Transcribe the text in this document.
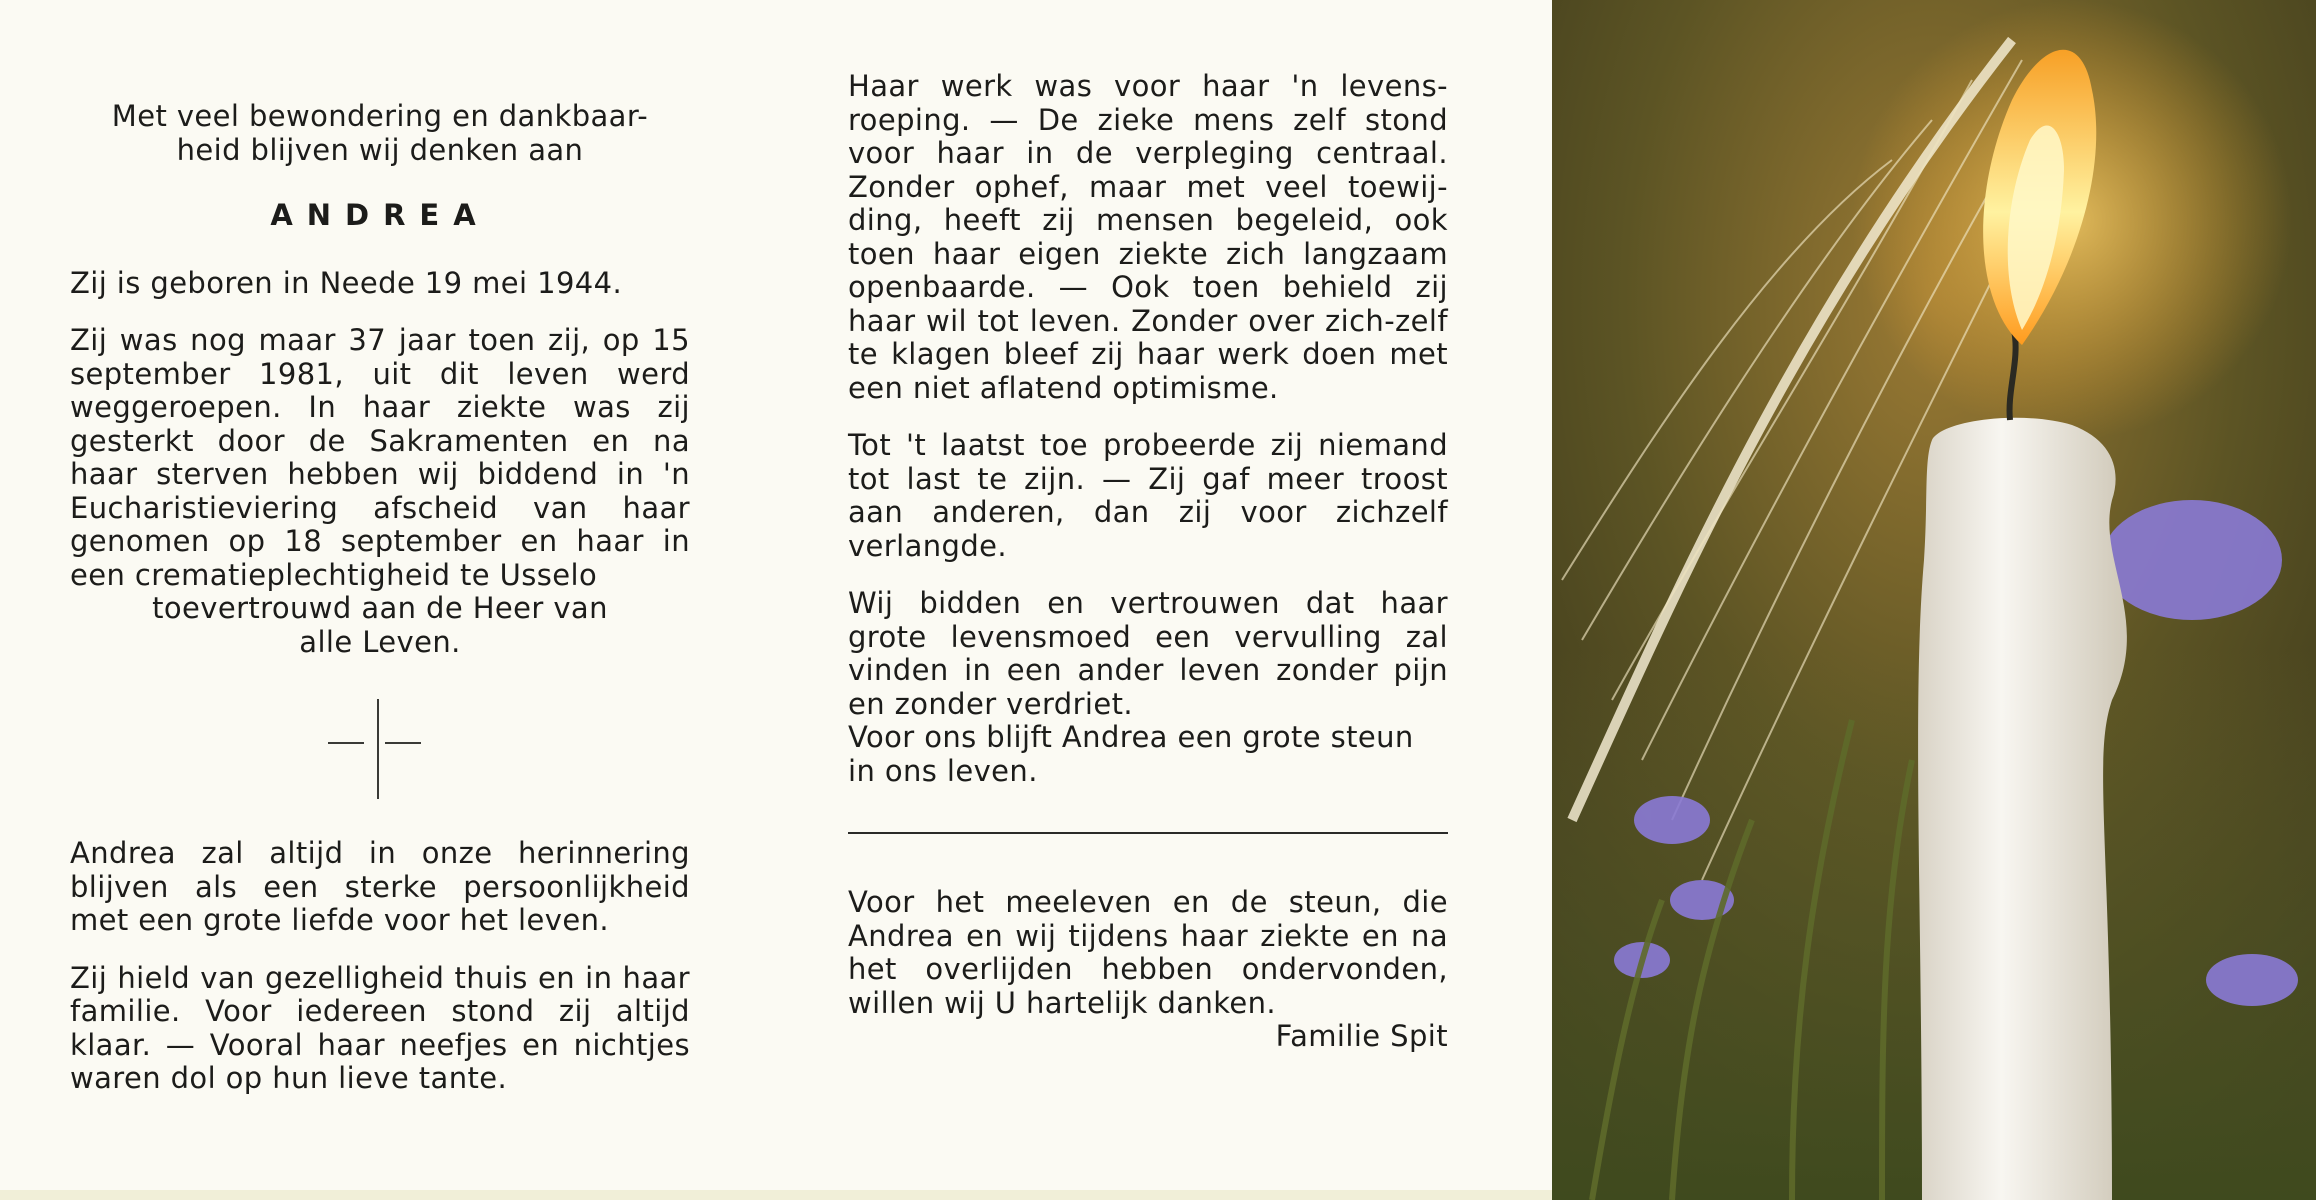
Met veel bewondering en dankbaar-
heid blijven wij denken aan

ANDREA

Zij is geboren in Neede 19 mei 1944.

Zij was nog maar 37 jaar toen zij, op 15 september 1981, uit dit leven werd weggeroepen. In haar ziekte was zij gesterkt door de Sakramenten en na haar sterven hebben wij biddend in 'n Eucharistieviering afscheid van haar genomen op 18 september en haar in een crematieplechtigheid te Usselo

toevertrouwd aan de Heer van
alle Leven.

Andrea zal altijd in onze herinnering blijven als een sterke persoonlijkheid met een grote liefde voor het leven.

Zij hield van gezelligheid thuis en in haar familie. Voor iedereen stond zij altijd klaar. — Vooral haar neefjes en nichtjes waren dol op hun lieve tante.

Haar werk was voor haar 'n levens-roeping. — De zieke mens zelf stond voor haar in de verpleging centraal. Zonder ophef, maar met veel toewij-ding, heeft zij mensen begeleid, ook toen haar eigen ziekte zich langzaam openbaarde. — Ook toen behield zij haar wil tot leven. Zonder over zich-zelf te klagen bleef zij haar werk doen met een niet aflatend optimisme.

Tot 't laatst toe probeerde zij niemand tot last te zijn. — Zij gaf meer troost aan anderen, dan zij voor zichzelf verlangde.

Wij bidden en vertrouwen dat haar grote levensmoed een vervulling zal vinden in een ander leven zonder pijn en zonder verdriet.

Voor ons blijft Andrea een grote steun in ons leven.

Voor het meeleven en de steun, die Andrea en wij tijdens haar ziekte en na het overlijden hebben ondervonden, willen wij U hartelijk danken.

Familie Spit
